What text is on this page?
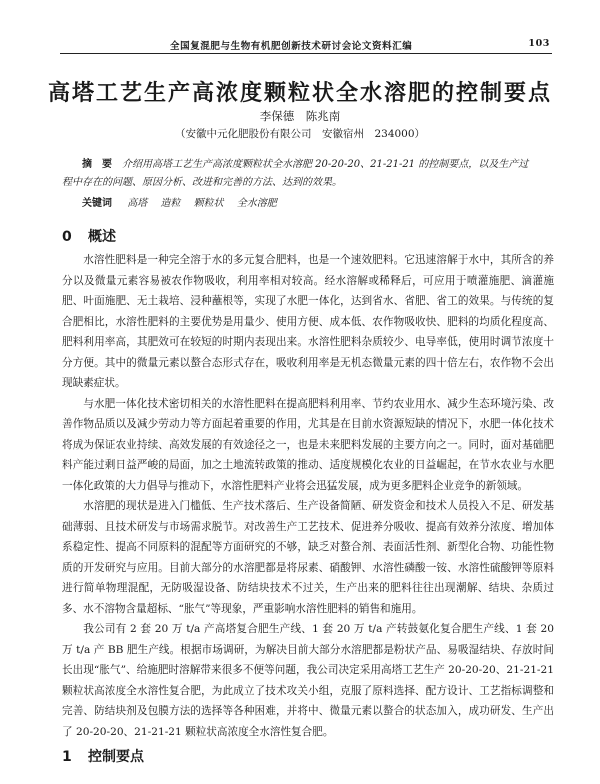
全国复混肥与生物有机肥创新技术研讨会论文资料汇编	103
高塔工艺生产高浓度颗粒状全水溶肥的控制要点
李保德　陈兆南
（安徽中元化肥股份有限公司　安徽宿州　234000）
摘　要 介绍用高塔工艺生产高浓度颗粒状全水溶肥 20-20-20、21-21-21 的控制要点，以及生产过程中存在的问题、原因分析、改进和完善的方法、达到的效果。
关键词 高塔 造粒 颗粒状 全水溶肥
0 概述

水溶性肥料是一种完全溶于水的多元复合肥料，也是一个速效肥料。它迅速溶解于水中，其所含的养分以及微量元素容易被农作物吸收，利用率相对较高。经水溶解或稀释后，可应用于喷灌施肥、滴灌施肥、叶面施肥、无土栽培、浸种蘸根等，实现了水肥一体化，达到省水、省肥、省工的效果。与传统的复合肥相比，水溶性肥料的主要优势是用量少、使用方便、成本低、农作物吸收快、肥料的均质化程度高、肥料利用率高，其肥效可在较短的时期内表现出来。水溶性肥料杂质较少、电导率低，使用时调节浓度十分方便。其中的微量元素以螯合态形式存在，吸收利用率是无机态微量元素的四十倍左右，农作物不会出现缺素症状。

与水肥一体化技术密切相关的水溶性肥料在提高肥料利用率、节约农业用水、减少生态环境污染、改善作物品质以及减少劳动力等方面起着重要的作用，尤其是在目前水资源短缺的情况下，水肥一体化技术将成为保证农业持续、高效发展的有效途径之一，也是未来肥料发展的主要方向之一。同时，面对基础肥料产能过剩日益严峻的局面，加之土地流转政策的推动、适度规模化农业的日益崛起，在节水农业与水肥一体化政策的大力倡导与推动下，水溶性肥料产业将会迅猛发展，成为更多肥料企业竞争的新领域。

水溶肥的现状是进入门槛低、生产技术落后、生产设备简陋、研发资金和技术人员投入不足、研发基础薄弱、且技术研发与市场需求脱节。对改善生产工艺技术、促进养分吸收、提高有效养分浓度、增加体系稳定性、提高不同原料的混配等方面研究的不够，缺乏对螯合剂、表面活性剂、新型化合物、功能性物质的开发研究与应用。目前大部分的水溶肥都是将尿素、硝酸钾、水溶性磷酸一铵、水溶性硫酸钾等原料进行简单物理混配，无防吸湿设备、防结块技术不过关，生产出来的肥料往往出现潮解、结块、杂质过多、水不溶物含量超标、“胀气”等现象，严重影响水溶性肥料的销售和施用。

我公司有 2 套 20 万 t/a 产高塔复合肥生产线、1 套 20 万 t/a 产转鼓氨化复合肥生产线、1 套 20 万 t/a 产 BB 肥生产线。根据市场调研，为解决目前大部分水溶肥都是粉状产品、易吸湿结块、存放时间长出现“胀气”、给施肥时溶解带来很多不便等问题，我公司决定采用高塔工艺生产 20-20-20、21-21-21 颗粒状高浓度全水溶性复合肥，为此成立了技术攻关小组，克服了原料选择、配方设计、工艺指标调整和完善、防结块剂及包膜方法的选择等各种困难，并将中、微量元素以螯合的状态加入，成功研发、生产出了 20-20-20、21-21-21 颗粒状高浓度全水溶性复合肥。

1 控制要点
